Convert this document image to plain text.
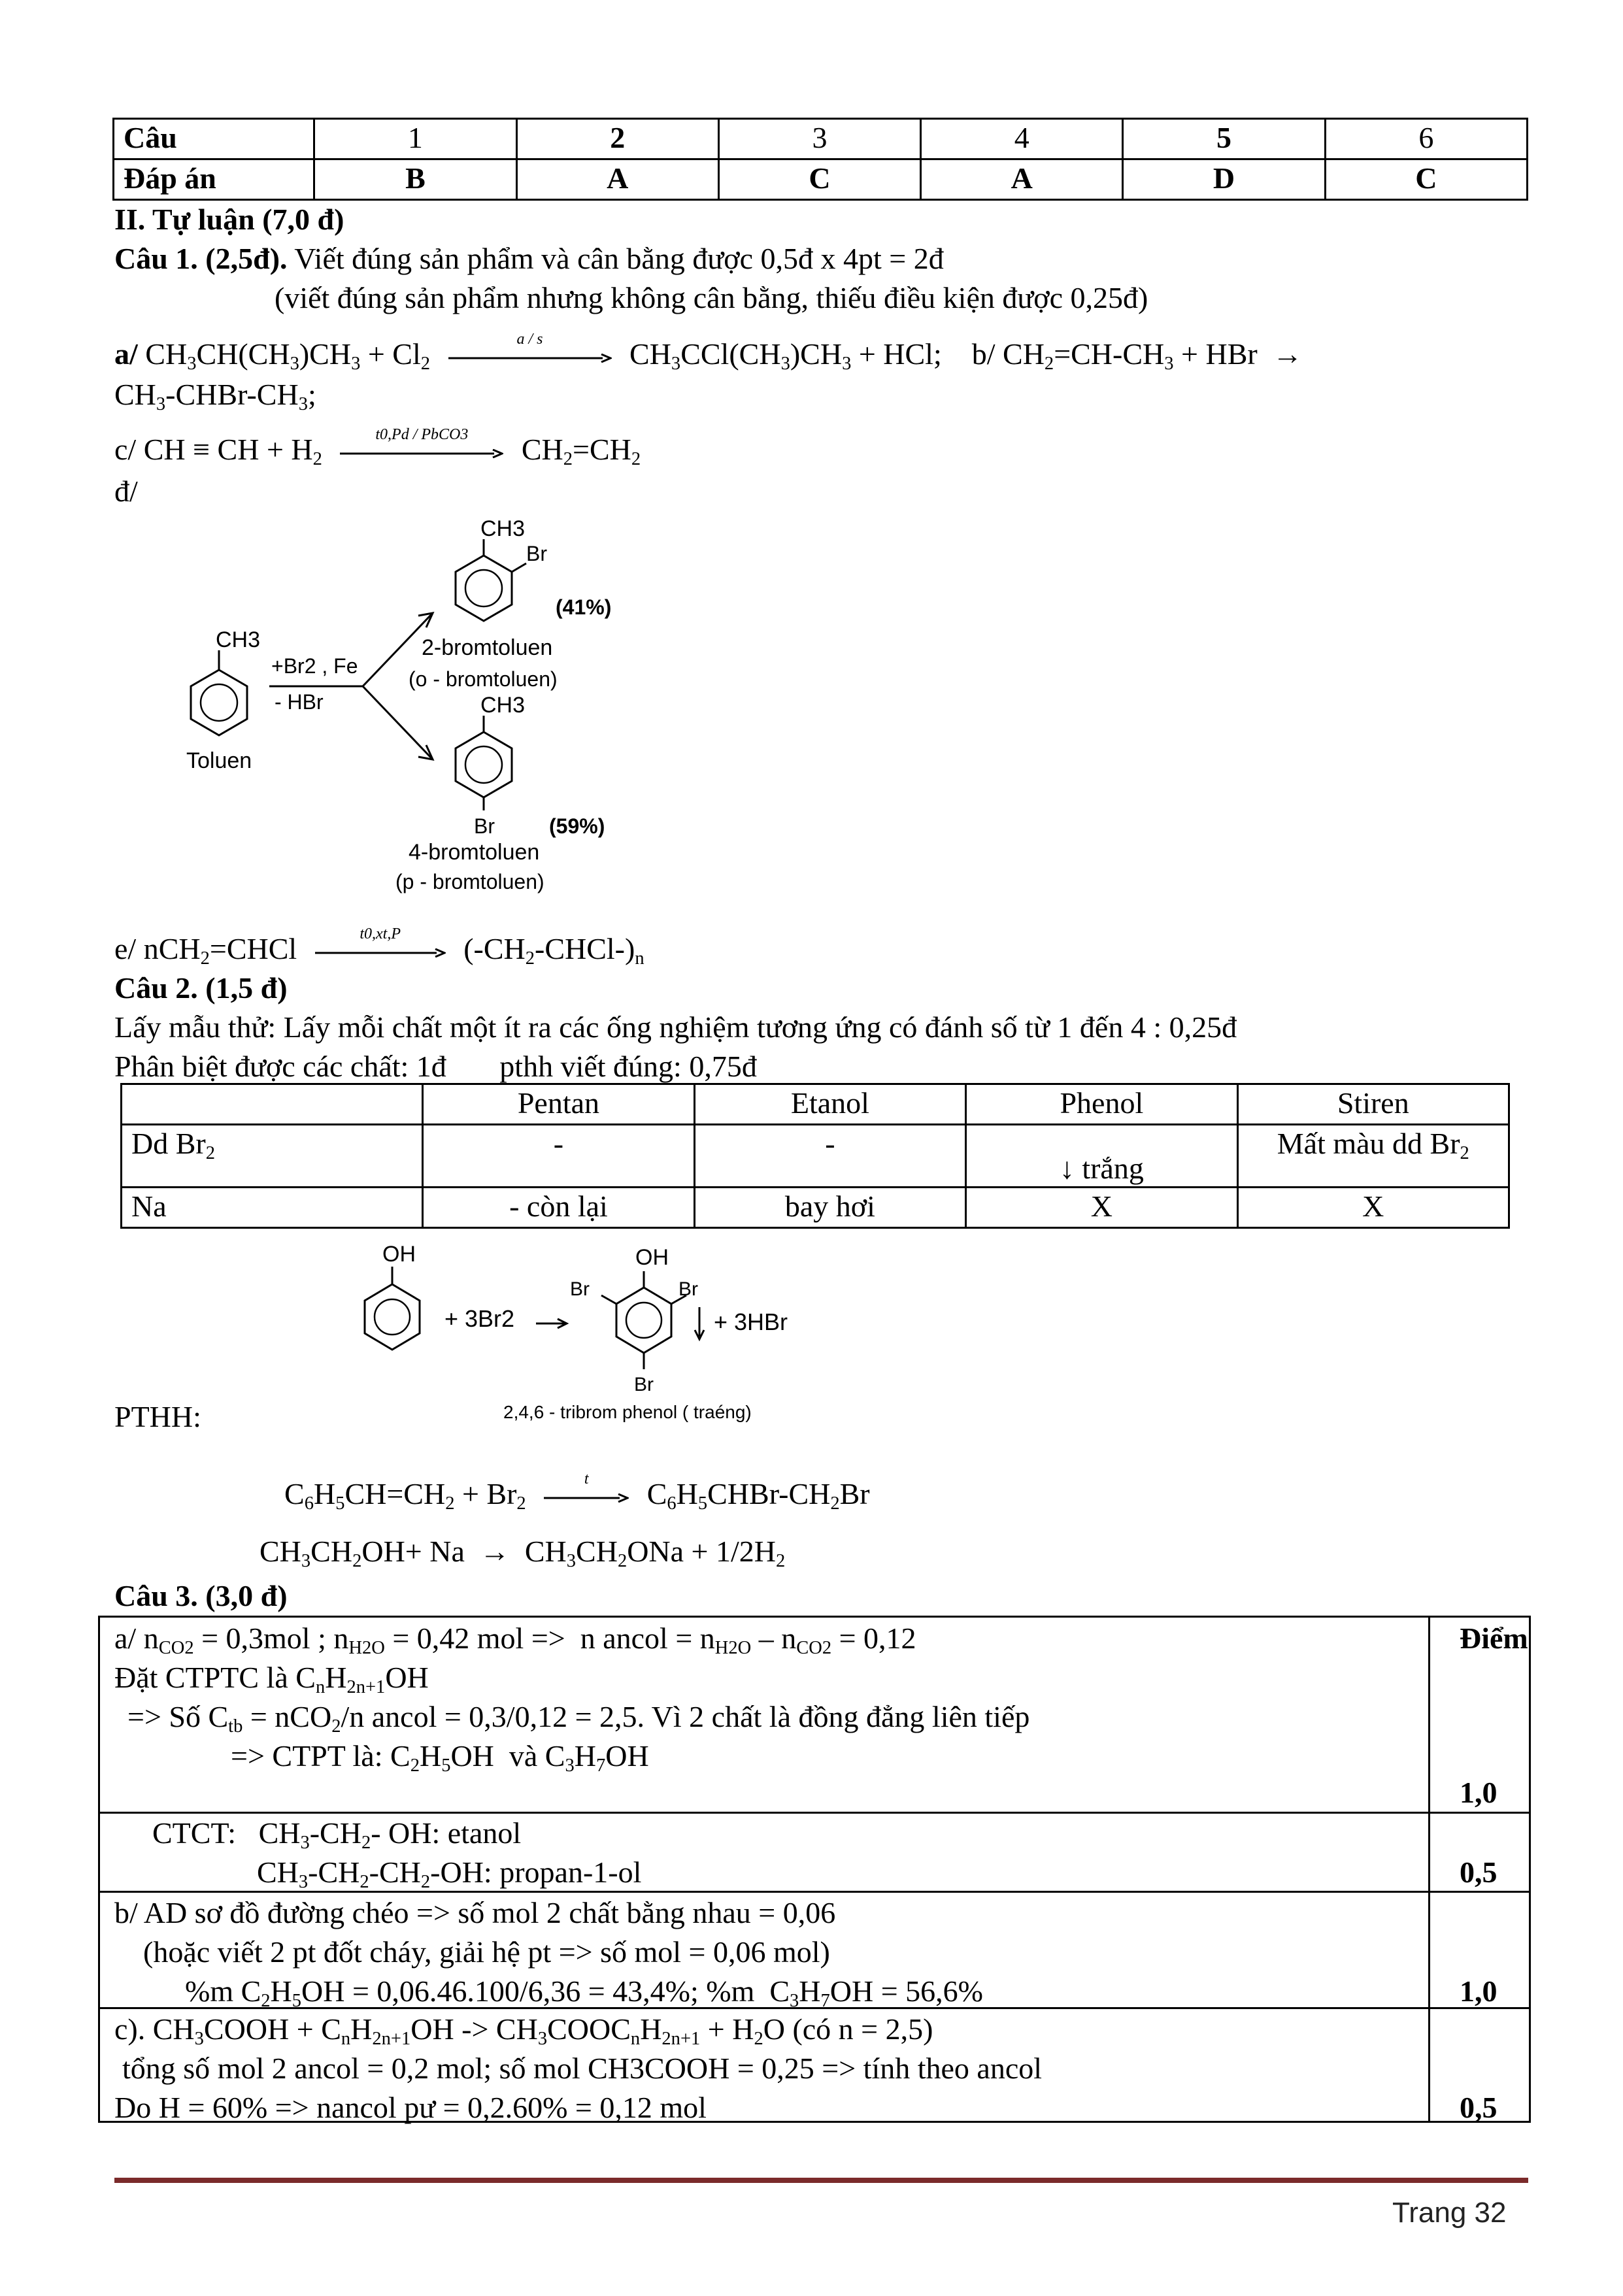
Câu	1	2	3	4	5	6
Đáp án	B	A	C	A	D	C
II. Tự luận (7,0 đ)
Câu 1. (2,5đ). Viết đúng sản phẩm và cân bằng được 0,5đ x 4pt = 2đ
(viết đúng sản phẩm nhưng không cân bằng, thiếu điều kiện được 0,25đ)
a/ $CH_3CH(CH_3)CH_3 + Cl_2$
a / s	$CH_3CCl(CH_3)CH_3$ + HCl;    b/ $CH_2=CH-CH_3$ + HBr  →
$CH_3-CHBr-CH_3$;
c/ CH ≡ CH + $H_2$
t0,Pd / PbCO3	$CH_2=CH_2$
đ/
CH3
Toluen
+Br2 , Fe
- HBr
CH3
Br
(41%)
2-bromtoluen
(o - bromtoluen)
CH3
Br	(59%)
4-bromtoluen
(p - bromtoluen)
e/ nCH$_2$=CHCl	t0,xt,P	$(-CH_2-CHCl-)_n$
Câu 2. (1,5 đ)
Lấy mẫu thử: Lấy mỗi chất một ít ra các ống nghiệm tương ứng có đánh số từ 1 đến 4 : 0,25đ
Phân biệt được các chất: 1đ pthh viết đúng: 0,75đ
	Pentan	Etanol	Phenol	Stiren
Dd $Br_2$	-	-	↓ trắng	Mất màu dd $Br_2$
Na	- còn lại	bay hơi	X	X
OH
+ 3Br2
OH
Br	Br
Br
+ 3HBr
2,4,6 - tribrom phenol ( traéng)
PTHH:
$C_6H_5CH=CH_2 + Br_2$
t	$C_6H_5CHBr-CH_2Br$
$CH_3CH_2OH+ Na \to CH_3CH_2ONa + 1/2H_2$
Câu 3. (3,0 đ)
a/ $n_{CO2} = 0,3mol$ ; $n_{H2O} = 0,42$ mol =>  n ancol = $n_{H2O} - n_{CO2} = 0,12$
Đặt CTPTC là $C_nH_{2n+1}OH$
=> Số $C_{tb} = nCO_2/n$ ancol = 0,3/0,12 = 2,5. Vì 2 chất là đồng đẳng liên tiếp
=> CTPT là: $C_2H_5OH$  và $C_3H_7OH$
Điểm
1,0
CTCT:   $CH_3-CH_2-$ OH: etanol
$CH_3-CH_2-CH_2-OH$: propan-1-ol	0,5
b/ AD sơ đồ đường chéo => số mol 2 chất bằng nhau = 0,06
(hoặc viết 2 pt đốt cháy, giải hệ pt => số mol = 0,06 mol)
%m $C_2H_5OH = 0,06.46.100/6,36 = 43,4\%$; %m  $C_3H_7OH = 56,6\%$	1,0
c). $CH_3COOH + C_nH_{2n+1}OH$ -> $CH_3COOC_nH_{2n+1} + H_2O$ (có n = 2,5)
tổng số mol 2 ancol = 0,2 mol; số mol CH3COOH = 0,25 => tính theo ancol
Do H = 60% => nancol pư = 0,2.60% = 0,12 mol	0,5
Trang 32
